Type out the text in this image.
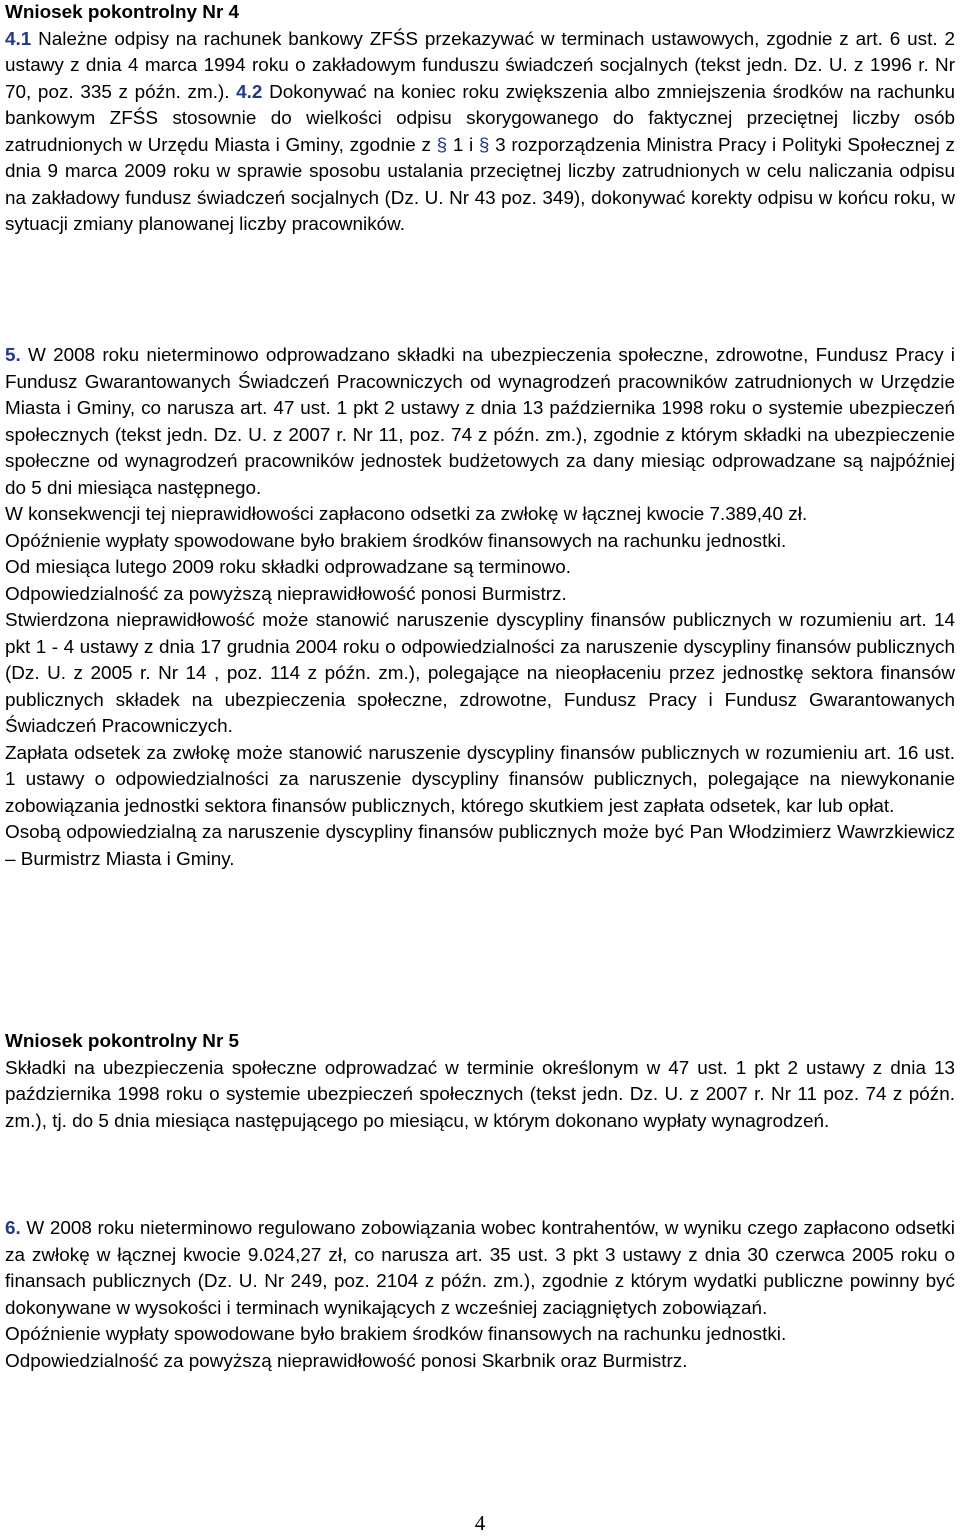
Wniosek pokontrolny Nr 4

4.1 Należne odpisy na rachunek bankowy ZFŚS przekazywać w terminach ustawowych, zgodnie z art. 6 ust. 2 ustawy z dnia 4 marca 1994 roku o zakładowym funduszu świadczeń socjalnych (tekst jedn. Dz. U. z 1996 r. Nr 70, poz. 335 z późn. zm.). 4.2 Dokonywać na koniec roku zwiększenia albo zmniejszenia środków na rachunku bankowym ZFŚS stosownie do wielkości odpisu skorygowanego do faktycznej przeciętnej liczby osób zatrudnionych w Urzędu Miasta i Gminy, zgodnie z § 1 i § 3 rozporządzenia Ministra Pracy i Polityki Społecznej z dnia 9 marca 2009 roku w sprawie sposobu ustalania przeciętnej liczby zatrudnionych w celu naliczania odpisu na zakładowy fundusz świadczeń socjalnych (Dz. U. Nr 43 poz. 349), dokonywać korekty odpisu w końcu roku, w sytuacji zmiany planowanej liczby pracowników.

5. W 2008 roku nieterminowo odprowadzano składki na ubezpieczenia społeczne, zdrowotne, Fundusz Pracy i Fundusz Gwarantowanych Świadczeń Pracowniczych od wynagrodzeń pracowników zatrudnionych w Urzędzie Miasta i Gminy, co narusza art. 47 ust. 1 pkt 2 ustawy z dnia 13 października 1998 roku o systemie ubezpieczeń społecznych (tekst jedn. Dz. U. z 2007 r. Nr 11, poz. 74 z późn. zm.), zgodnie z którym składki na ubezpieczenie społeczne od wynagrodzeń pracowników jednostek budżetowych za dany miesiąc odprowadzane są najpóźniej do 5 dni miesiąca następnego.

W konsekwencji tej nieprawidłowości zapłacono odsetki za zwłokę w łącznej kwocie 7.389,40 zł.

Opóźnienie wypłaty spowodowane było brakiem środków finansowych na rachunku jednostki.

Od miesiąca lutego 2009 roku składki odprowadzane są terminowo.

Odpowiedzialność za powyższą nieprawidłowość ponosi Burmistrz.

Stwierdzona nieprawidłowość może stanowić naruszenie dyscypliny finansów publicznych w rozumieniu art. 14 pkt 1 - 4 ustawy z dnia 17 grudnia 2004 roku o odpowiedzialności za naruszenie dyscypliny finansów publicznych (Dz. U. z 2005 r. Nr 14 , poz. 114 z późn. zm.), polegające na nieopłaceniu przez jednostkę sektora finansów publicznych składek na ubezpieczenia społeczne, zdrowotne, Fundusz Pracy i Fundusz Gwarantowanych Świadczeń Pracowniczych.

Zapłata odsetek za zwłokę może stanowić naruszenie dyscypliny finansów publicznych w rozumieniu art. 16 ust. 1 ustawy o odpowiedzialności za naruszenie dyscypliny finansów publicznych, polegające na niewykonanie zobowiązania jednostki sektora finansów publicznych, którego skutkiem jest zapłata odsetek, kar lub opłat.

Osobą odpowiedzialną za naruszenie dyscypliny finansów publicznych może być Pan Włodzimierz Wawrzkiewicz – Burmistrz Miasta i Gminy.

Wniosek pokontrolny Nr 5

Składki na ubezpieczenia społeczne odprowadzać w terminie określonym w 47 ust. 1 pkt 2 ustawy z dnia 13 października 1998 roku o systemie ubezpieczeń społecznych (tekst jedn. Dz. U. z 2007 r. Nr 11 poz. 74 z późn. zm.), tj. do 5 dnia miesiąca następującego po miesiącu, w którym dokonano wypłaty wynagrodzeń.

6. W 2008 roku nieterminowo regulowano zobowiązania wobec kontrahentów, w wyniku czego zapłacono odsetki za zwłokę w łącznej kwocie 9.024,27 zł, co narusza art. 35 ust. 3 pkt 3 ustawy z dnia 30 czerwca 2005 roku o finansach publicznych (Dz. U. Nr 249, poz. 2104 z późn. zm.), zgodnie z którym wydatki publiczne powinny być dokonywane w wysokości i terminach wynikających z wcześniej zaciągniętych zobowiązań.

Opóźnienie wypłaty spowodowane było brakiem środków finansowych na rachunku jednostki.

Odpowiedzialność za powyższą nieprawidłowość ponosi Skarbnik oraz Burmistrz.

4
